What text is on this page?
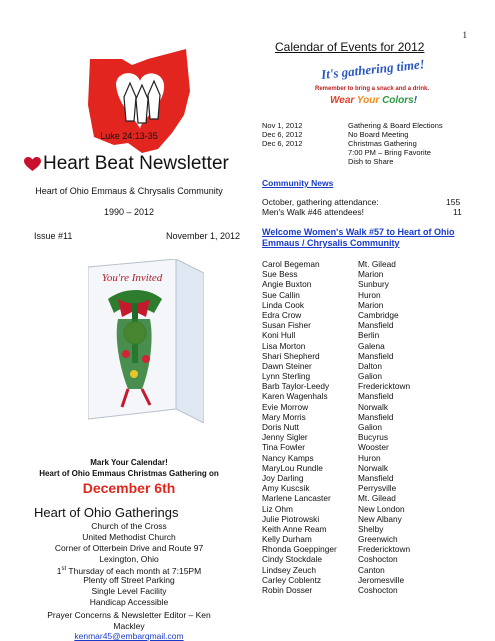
1
Luke 24:13-35
Heart Beat Newsletter
Heart of Ohio Emmaus & Chrysalis Community
1990 – 2012
Issue #11	November 1, 2012
You're Invited
Mark Your Calendar!
Heart of Ohio Emmaus Christmas Gathering on
December 6th
Heart of Ohio Gatherings
Church of the Cross
United Methodist Church
Corner of Otterbein Drive and Route 97
Lexington, Ohio
1st Thursday of each month at 7:15PM
Plenty off Street Parking
Single Level Facility
Handicap Accessible
Prayer Concerns & Newsletter Editor – Ken
Mackley
kenmar45@embarqmail.com
Calendar of Events for 2012
It's gathering time!
Remember to bring a snack and a drink.
Wear Your Colors!
Nov 1, 2012	Gathering & Board Elections
Dec 6, 2012	No Board Meeting
Dec 6, 2012	Christmas Gathering
7:00 PM – Bring Favorite
Dish to Share
Community News
October, gathering attendance:	155
Men's Walk #46 attendees!	11
Welcome Women's Walk #57 to Heart of Ohio Emmaus / Chrysalis Community
Carol Begeman	Mt. Gilead
Sue Bess	Marion
Angie Buxton	Sunbury
Sue Callin	Huron
Linda Cook	Marion
Edra Crow	Cambridge
Susan Fisher	Mansfield
Koni Hull	Berlin
Lisa Morton	Galena
Shari Shepherd	Mansfield
Dawn Steiner	Dalton
Lynn Sterling	Galion
Barb Taylor-Leedy	Fredericktown
Karen Wagenhals	Mansfield
Evie Morrow	Norwalk
Mary Morris	Mansfield
Doris Nutt	Galion
Jenny Sigler	Bucyrus
Tina Fowler	Wooster
Nancy Kamps	Huron
MaryLou Rundle	Norwalk
Joy Darling	Mansfield
Amy Kuscsik	Perrysville
Marlene Lancaster	Mt. Gilead
Liz Ohm	New London
Julie Piotrowski	New Albany
Keith Anne Ream	Shelby
Kelly Durham	Greenwich
Rhonda Goeppinger	Fredericktown
Cindy Stockdale	Coshocton
Lindsey Zeuch	Canton
Carley Coblentz	Jeromesville
Robin Dosser	Coshocton
